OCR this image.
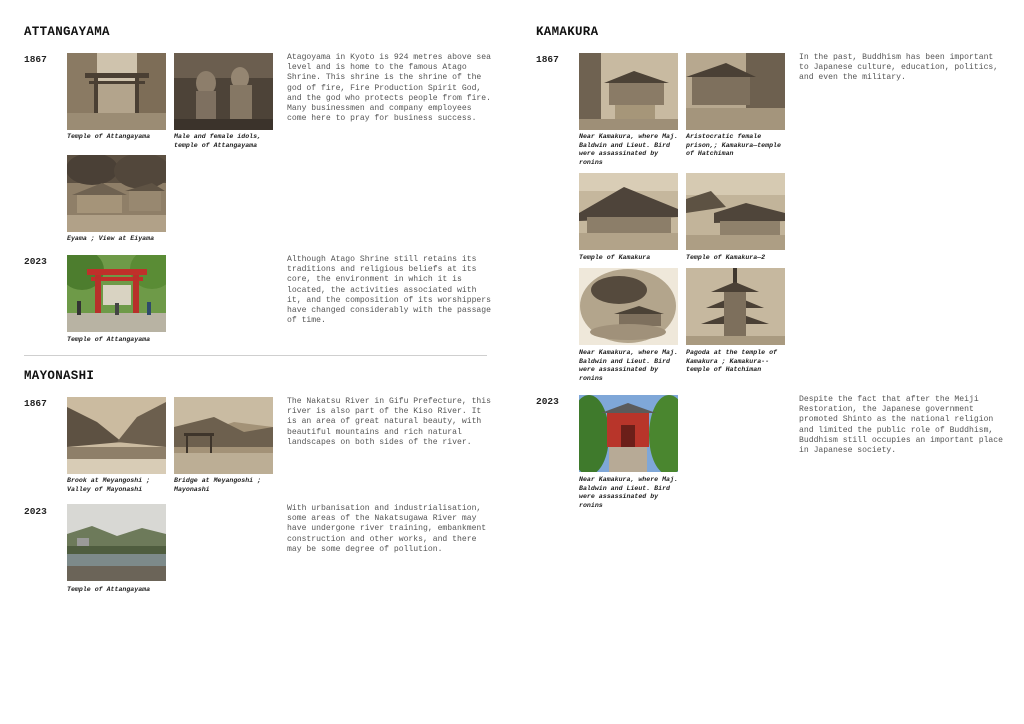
ATTANGAYAMA
1867
Temple of Attangayama	Male and female idols, temple of Attangayama
Atagoyama in Kyoto is 924 metres above sea level and is home to the famous Atago Shrine. This shrine is the shrine of the god of fire, Fire Production Spirit God, and the god who protects people from fire. Many businessmen and company employees come here to pray for business success.
Eyama ; View at Eiyama
2023
Temple of Attangayama
Although Atago Shrine still retains its traditions and religious beliefs at its core, the environment in which it is located, the activities associated with it, and the composition of its worshippers have changed considerably with the passage of time.
MAYONASHI
1867
Brook at Meyangoshi ; Valley of Mayonashi
Bridge at Meyangoshi ; Mayonashi
The Nakatsu River in Gifu Prefecture, this river is also part of the Kiso River. It is an area of great natural beauty, with beautiful mountains and rich natural landscapes on both sides of the river.
2023
Temple of Attangayama
With urbanisation and industrialisation, some areas of the Nakatsugawa River may have undergone river training, embankment construction and other works, and there may be some degree of pollution.
KAMAKURA
1867
Near Kamakura, where Maj. Baldwin and Lieut. Bird were assassinated by ronins
Aristocratic female prison,; Kamakura—temple of Hatchiman
In the past, Buddhism has been important to Japanese culture, education, politics, and even the military.
Temple of Kamakura	Temple of Kamakura—2
Near Kamakura, where Maj. Baldwin and Lieut. Bird were assassinated by ronins
Pagoda at the temple of Kamakura ; Kamakura--temple of Hatchiman
2023
Near Kamakura, where Maj. Baldwin and Lieut. Bird were assassinated by ronins
Despite the fact that after the Meiji Restoration, the Japanese government promoted Shinto as the national religion and limited the public role of Buddhism, Buddhism still occupies an important place in Japanese society.
